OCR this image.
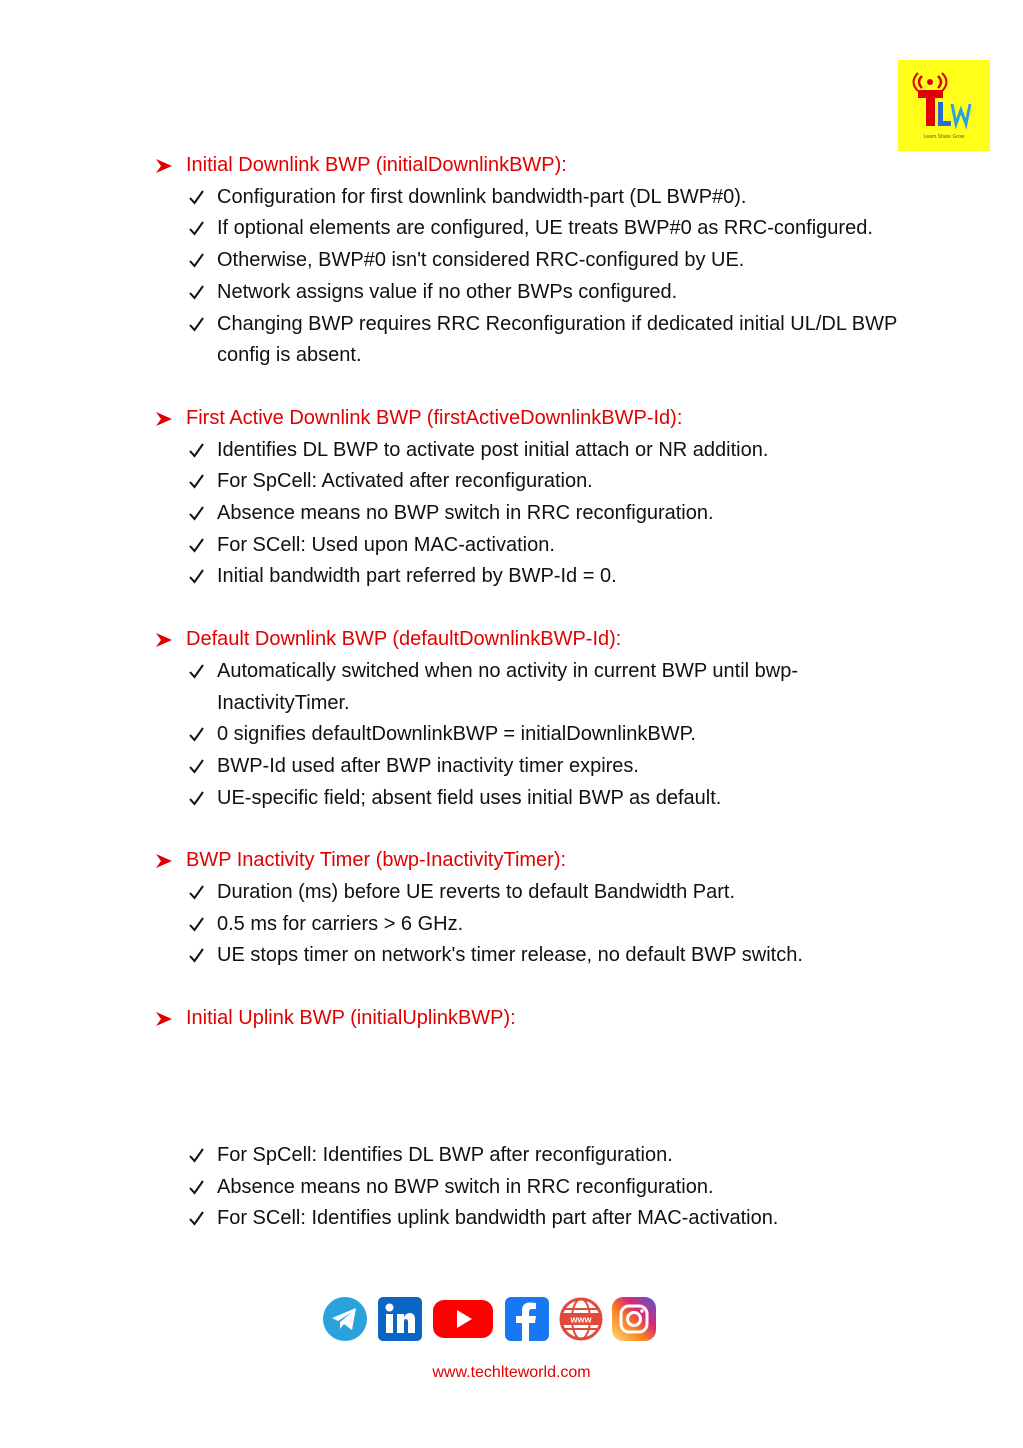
Learn Share Grow
Initial Downlink BWP (initialDownlinkBWP):
Configuration for first downlink bandwidth-part (DL BWP#0).
If optional elements are configured, UE treats BWP#0 as RRC-configured.
Otherwise, BWP#0 isn't considered RRC-configured by UE.
Network assigns value if no other BWPs configured.
Changing BWP requires RRC Reconfiguration if dedicated initial UL/DL BWP config is absent.
First Active Downlink BWP (firstActiveDownlinkBWP-Id):
Identifies DL BWP to activate post initial attach or NR addition.
For SpCell: Activated after reconfiguration.
Absence means no BWP switch in RRC reconfiguration.
For SCell: Used upon MAC-activation.
Initial bandwidth part referred by BWP-Id = 0.
Default Downlink BWP (defaultDownlinkBWP-Id):
Automatically switched when no activity in current BWP until bwp-InactivityTimer.
0 signifies defaultDownlinkBWP = initialDownlinkBWP.
BWP-Id used after BWP inactivity timer expires.
UE-specific field; absent field uses initial BWP as default.
BWP Inactivity Timer (bwp-InactivityTimer):
Duration (ms) before UE reverts to default Bandwidth Part.
0.5 ms for carriers > 6 GHz.
UE stops timer on network's timer release, no default BWP switch.
Initial Uplink BWP (initialUplinkBWP):
For SpCell: Identifies DL BWP after reconfiguration.
Absence means no BWP switch in RRC reconfiguration.
For SCell: Identifies uplink bandwidth part after MAC-activation.
www
www.techlteworld.com
